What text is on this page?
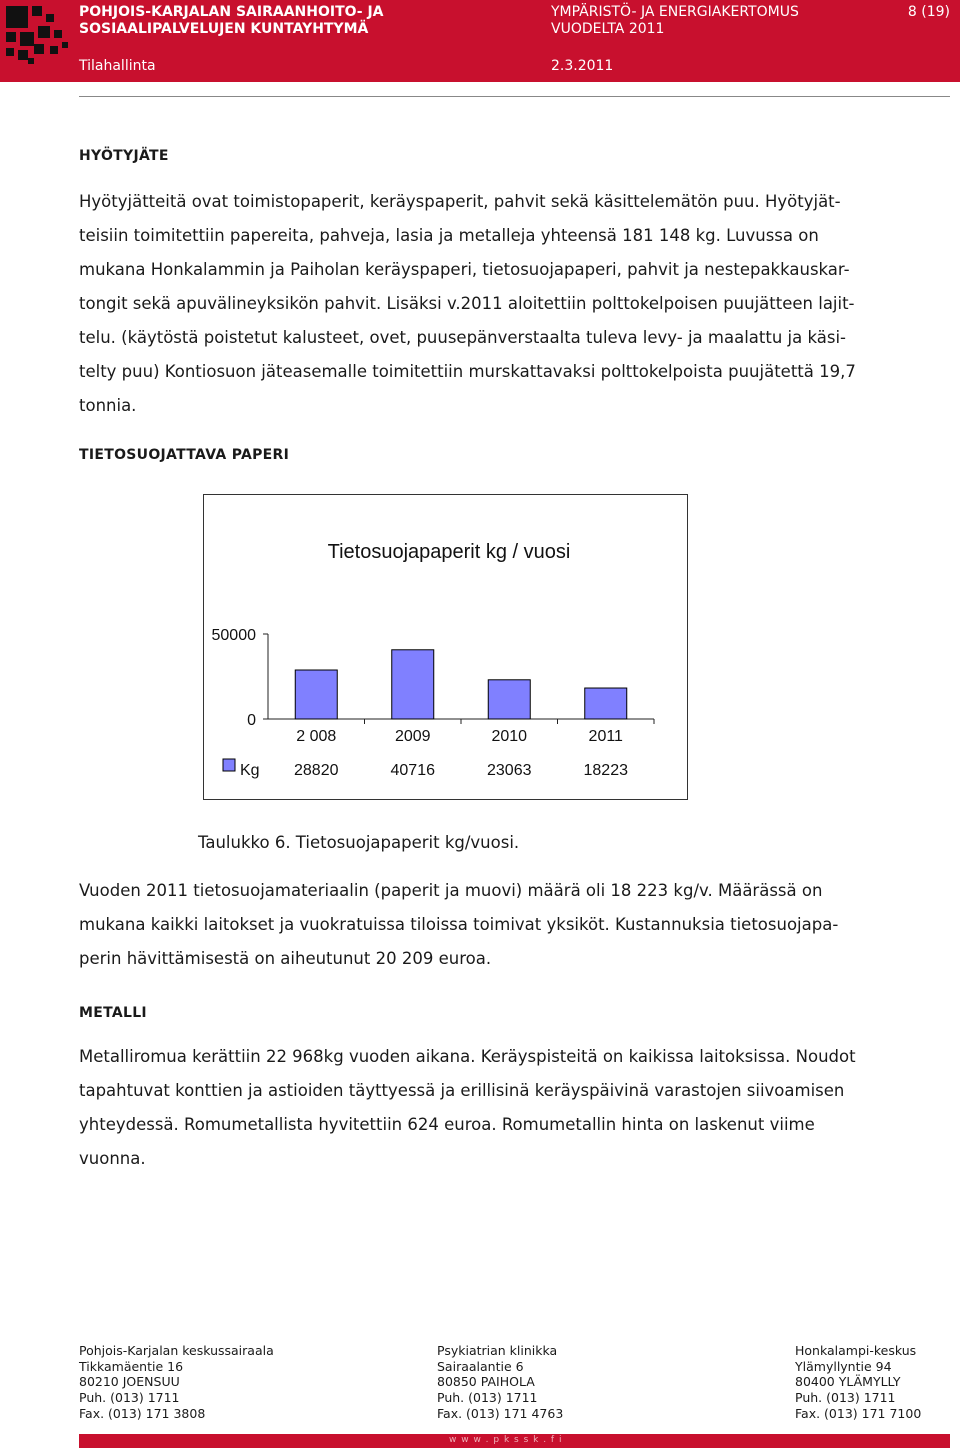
POHJOIS-KARJALAN SAIRAANHOITO- JA
SOSIAALIPALVELUJEN KUNTAYHTYMÄ
YMPÄRISTÖ- JA ENERGIAKERTOMUS
VUODELTA 2011
8 (19)
Tilahallinta	2.3.2011
HYÖTYJÄTE
Hyötyjätteitä ovat toimistopaperit, keräyspaperit, pahvit sekä käsittelemätön puu. Hyötyjät-
teisiin toimitettiin papereita, pahveja, lasia ja metalleja yhteensä 181 148 kg. Luvussa on
mukana Honkalammin ja Paiholan keräyspaperi, tietosuojapaperi, pahvit ja nestepakkauskar-
tongit sekä apuvälineyksikön pahvit. Lisäksi v.2011 aloitettiin polttokelpoisen puujätteen lajit-
telu. (käytöstä poistetut kalusteet, ovet, puusepänverstaalta tuleva levy- ja maalattu ja käsi-
telty puu) Kontiosuon jäteasemalle toimitettiin murskattavaksi polttokelpoista puujätettä 19,7
tonnia.
TIETOSUOJATTAVA PAPERI
Tietosuojapaperit kg / vuosi
50000
0
2 008
28820
2009
40716
2010
23063
2011
18223
Kg
Taulukko 6. Tietosuojapaperit kg/vuosi.
Vuoden 2011 tietosuojamateriaalin (paperit ja muovi) määrä oli 18 223 kg/v. Määrässä on
mukana kaikki laitokset ja vuokratuissa tiloissa toimivat yksiköt. Kustannuksia tietosuojapa-
perin hävittämisestä on aiheutunut 20 209 euroa.
METALLI
Metalliromua kerättiin 22 968kg vuoden aikana. Keräyspisteitä on kaikissa laitoksissa. Noudot
tapahtuvat konttien ja astioiden täyttyessä ja erillisinä keräyspäivinä varastojen siivoamisen
yhteydessä. Romumetallista hyvitettiin 624 euroa. Romumetallin hinta on laskenut viime
vuonna.
Pohjois-Karjalan keskussairaala
Tikkamäentie 16
80210 JOENSUU
Puh. (013) 1711
Fax. (013) 171 3808
Psykiatrian klinikka
Sairaalantie 6
80850 PAIHOLA
Puh. (013) 1711
Fax. (013) 171 4763
Honkalampi-keskus
Ylämyllyntie 94
80400 YLÄMYLLY
Puh. (013) 1711
Fax. (013) 171 7100
w w w . p k s s k . f i
